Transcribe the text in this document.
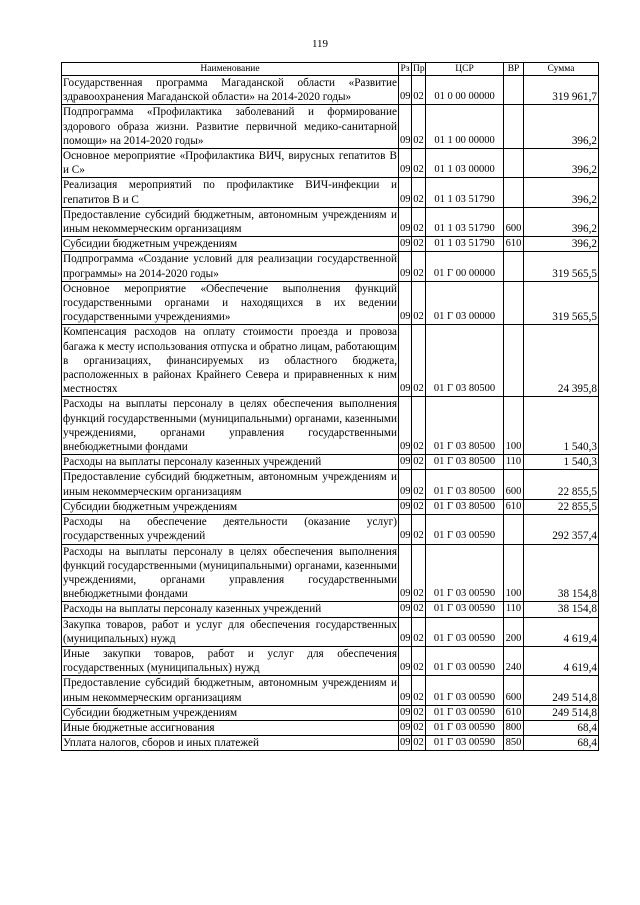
119
Наименование	Рз	Пр	ЦСР	ВР	Сумма
Государственная программа Магаданской области «Развитие здравоохранения Магаданской области» на 2014-2020 годы»	09	02	01 0 00 00000		319 961,7
Подпрограмма «Профилактика заболеваний и формирование здорового образа жизни. Развитие первичной медико-санитарной помощи» на 2014-2020 годы»	09	02	01 1 00 00000		396,2
Основное мероприятие «Профилактика ВИЧ, вирусных гепатитов В и С»	09	02	01 1 03 00000		396,2
Реализация мероприятий по профилактике ВИЧ-инфекции и гепатитов В и С	09	02	01 1 03 51790		396,2
Предоставление субсидий бюджетным, автономным учреждениям и иным некоммерческим организациям	09	02	01 1 03 51790	600	396,2
Субсидии бюджетным учреждениям	09	02	01 1 03 51790	610	396,2
Подпрограмма «Создание условий для реализации государственной программы» на 2014-2020 годы»	09	02	01 Г 00 00000		319 565,5
Основное мероприятие «Обеспечение выполнения функций государственными органами и находящихся в их ведении государственными учреждениями»	09	02	01 Г 03 00000		319 565,5
Компенсация расходов на оплату стоимости проезда и провоза багажа к месту использования отпуска и обратно лицам, работающим в организациях, финансируемых из областного бюджета, расположенных в районах Крайнего Севера и приравненных к ним местностях	09	02	01 Г 03 80500		24 395,8
Расходы на выплаты персоналу в целях обеспечения выполнения функций государственными (муниципальными) органами, казенными учреждениями, органами управления государственными внебюджетными фондами	09	02	01 Г 03 80500	100	1 540,3
Расходы на выплаты персоналу казенных учреждений	09	02	01 Г 03 80500	110	1 540,3
Предоставление субсидий бюджетным, автономным учреждениям и иным некоммерческим организациям	09	02	01 Г 03 80500	600	22 855,5
Субсидии бюджетным учреждениям	09	02	01 Г 03 80500	610	22 855,5
Расходы на обеспечение деятельности (оказание услуг) государственных учреждений	09	02	01 Г 03 00590		292 357,4
Расходы на выплаты персоналу в целях обеспечения выполнения функций государственными (муниципальными) органами, казенными учреждениями, органами управления государственными внебюджетными фондами	09	02	01 Г 03 00590	100	38 154,8
Расходы на выплаты персоналу казенных учреждений	09	02	01 Г 03 00590	110	38 154,8
Закупка товаров, работ и услуг для обеспечения государственных (муниципальных) нужд	09	02	01 Г 03 00590	200	4 619,4
Иные закупки товаров, работ и услуг для обеспечения государственных (муниципальных) нужд	09	02	01 Г 03 00590	240	4 619,4
Предоставление субсидий бюджетным, автономным учреждениям и иным некоммерческим организациям	09	02	01 Г 03 00590	600	249 514,8
Субсидии бюджетным учреждениям	09	02	01 Г 03 00590	610	249 514,8
Иные бюджетные ассигнования	09	02	01 Г 03 00590	800	68,4
Уплата налогов, сборов и иных платежей	09	02	01 Г 03 00590	850	68,4
